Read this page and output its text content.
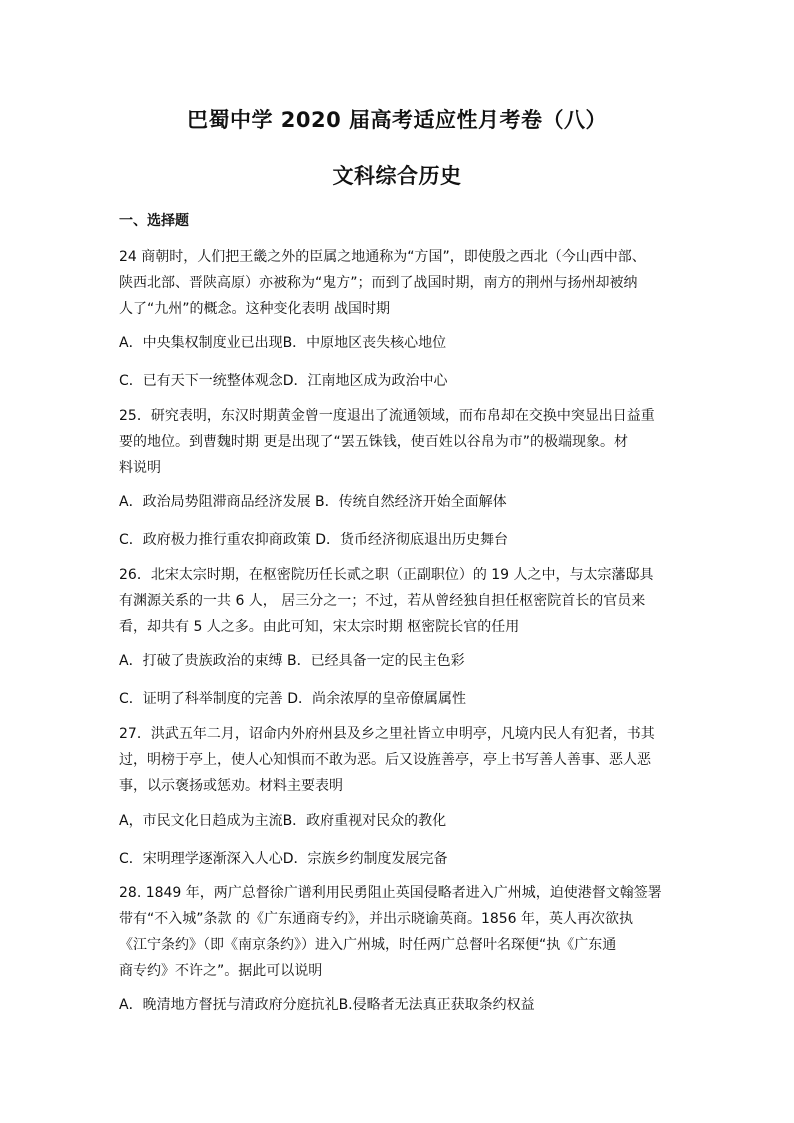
巴蜀中学 2020 届高考适应性月考卷（八）
文科综合历史
一、选择题
24 商朝时，人们把王畿之外的臣属之地通称为“方国”，即使殷之西北（今山西中部、
陕西北部、晋陕高原）亦被称为“鬼方”；而到了战国时期，南方的荆州与扬州却被纳
人了“九州”的概念。这种变化表明 战国时期
A．中央集权制度业已出现B．中原地区丧失核心地位
C．已有天下一统整体观念D．江南地区成为政治中心
25．研究表明，东汉时期黄金曾一度退出了流通领域，而布帛却在交换中突显出日益重
要的地位。到曹魏时期 更是出现了“罢五铢钱，使百姓以谷帛为市”的极端现象。材
料说明
A．政治局势阻滞商品经济发展 B．传统自然经济开始全面解体
C．政府极力推行重农抑商政策 D．货币经济彻底退出历史舞台
26．北宋太宗时期，在枢密院历任长贰之职（正副职位）的 19 人之中，与太宗藩邸具
有渊源关系的一共 6 人， 居三分之一；不过，若从曾经独自担任枢密院首长的官员来
看，却共有 5 人之多。由此可知，宋太宗时期 枢密院长官的任用
A．打破了贵族政治的束缚 B．已经具备一定的民主色彩
C．证明了科举制度的完善 D．尚余浓厚的皇帝僚属属性
27．洪武五年二月，诏命内外府州县及乡之里社皆立申明亭，凡境内民人有犯者，书其
过，明榜于亭上，使人心知惧而不敢为恶。后又设旌善亭，亭上书写善人善事、恶人恶
事，以示褒扬或惩劝。材料主要表明
A，市民文化日趋成为主流B．政府重视对民众的教化
C．宋明理学逐渐深入人心D．宗族乡约制度发展完备
28. 1849 年，两广总督徐广谱利用民勇阻止英国侵略者进入广州城，迫使港督文翰签署
带有“不入城”条款 的《广东通商专约》，并出示晓谕英商。1856 年，英人再次欲执
《江宁条约》（即《南京条约》）进入广州城，时任两广总督叶名琛便“执《广东通
商专约》不许之”。据此可以说明
A．晚清地方督抚与清政府分庭抗礼B.侵略者无法真正获取条约权益
